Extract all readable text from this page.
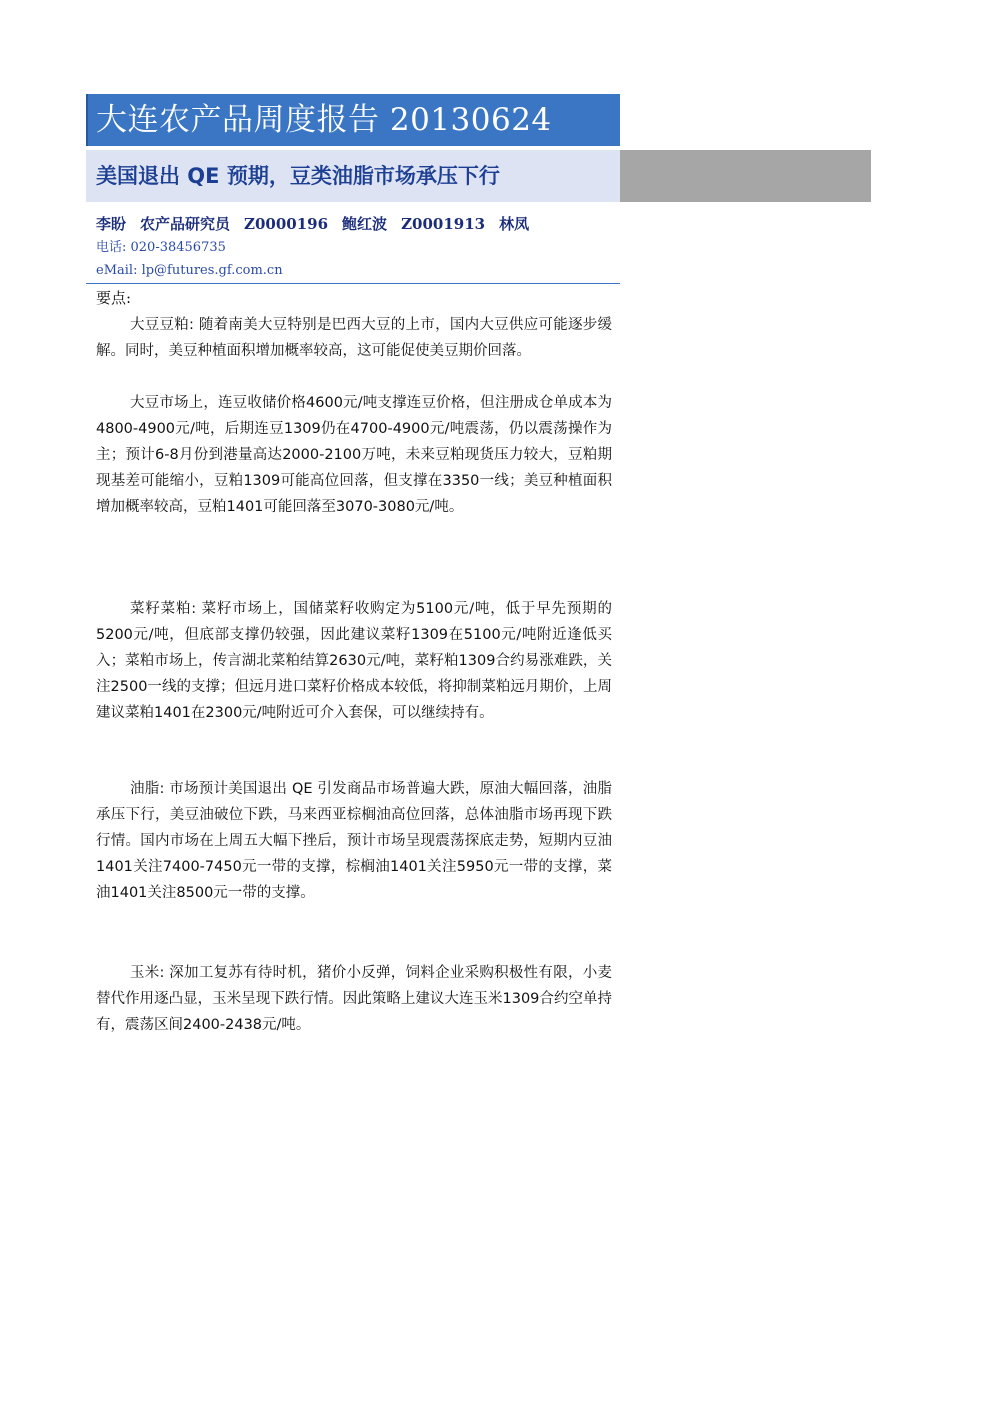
大连农产品周度报告 20130624
美国退出 QE 预期，豆类油脂市场承压下行
李盼 农产品研究员 Z0000196 鲍红波 Z0001913 林凤
电话: 020-38456735
eMail: lp@futures.gf.com.cn
要点:

大豆豆粕: 随着南美大豆特别是巴西大豆的上市，国内大豆供应可能逐步缓解。同时，美豆种植面积增加概率较高，这可能促使美豆期价回落。

大豆市场上，连豆收储价格4600元/吨支撑连豆价格，但注册成仓单成本为4800-4900元/吨，后期连豆1309仍在4700-4900元/吨震荡，仍以震荡操作为主；预计6-8月份到港量高达2000-2100万吨，未来豆粕现货压力较大，豆粕期现基差可能缩小，豆粕1309可能高位回落，但支撑在3350一线；美豆种植面积增加概率较高，豆粕1401可能回落至3070-3080元/吨。

菜籽菜粕: 菜籽市场上，国储菜籽收购定为5100元/吨，低于早先预期的5200元/吨，但底部支撑仍较强，因此建议菜籽1309在5100元/吨附近逢低买入；菜粕市场上，传言湖北菜粕结算2630元/吨，菜籽粕1309合约易涨难跌，关注2500一线的支撑；但远月进口菜籽价格成本较低，将抑制菜粕远月期价，上周建议菜粕1401在2300元/吨附近可介入套保，可以继续持有。

油脂: 市场预计美国退出 QE 引发商品市场普遍大跌，原油大幅回落，油脂承压下行，美豆油破位下跌，马来西亚棕榈油高位回落，总体油脂市场再现下跌行情。国内市场在上周五大幅下挫后，预计市场呈现震荡探底走势，短期内豆油1401关注7400-7450元一带的支撑，棕榈油1401关注5950元一带的支撑，菜油1401关注8500元一带的支撑。

玉米: 深加工复苏有待时机，猪价小反弹，饲料企业采购积极性有限，小麦替代作用逐凸显，玉米呈现下跌行情。因此策略上建议大连玉米1309合约空单持有，震荡区间2400-2438元/吨。
